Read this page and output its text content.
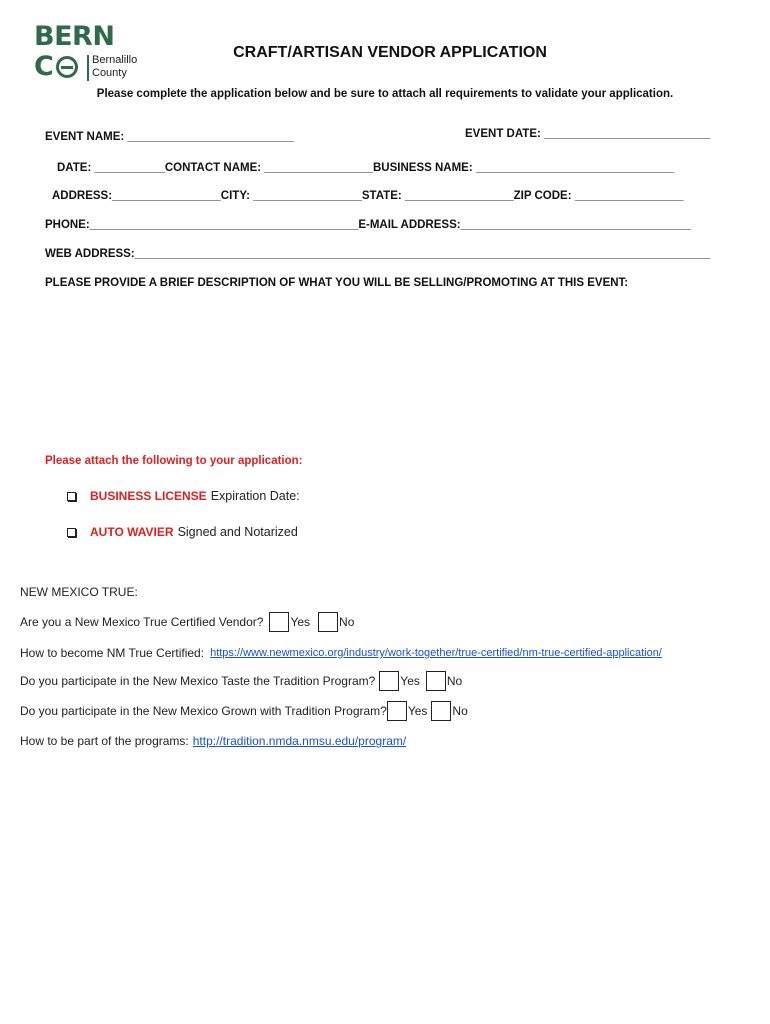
BERN
C	Bernalillo
County
CRAFT/ARTISAN VENDOR APPLICATION
Please complete the application below and be sure to attach all requirements to validate your application.
EVENT NAME: __________________________	EVENT DATE: __________________________
DATE: ___________CONTACT NAME: _________________BUSINESS NAME: _______________________________
ADDRESS:_________________CITY: _________________STATE: _________________ZIP CODE: _________________
PHONE:__________________________________________E-MAIL ADDRESS:____________________________________
WEB ADDRESS:__________________________________________________________________________________________
PLEASE PROVIDE A BRIEF DESCRIPTION OF WHAT YOU WILL BE SELLING/PROMOTING AT THIS EVENT:
Please attach the following to your application:
BUSINESS LICENSE Expiration Date:
AUTO WAVIER Signed and Notarized
NEW MEXICO TRUE:
Are you a New Mexico True Certified Vendor? Yes No
How to become NM True Certified: https://www.newmexico.org/industry/work-together/true-certified/nm-true-certified-application/
Do you participate in the New Mexico Taste the Tradition Program? Yes No
Do you participate in the New Mexico Grown with Tradition Program? Yes No
How to be part of the programs: http://tradition.nmda.nmsu.edu/program/
